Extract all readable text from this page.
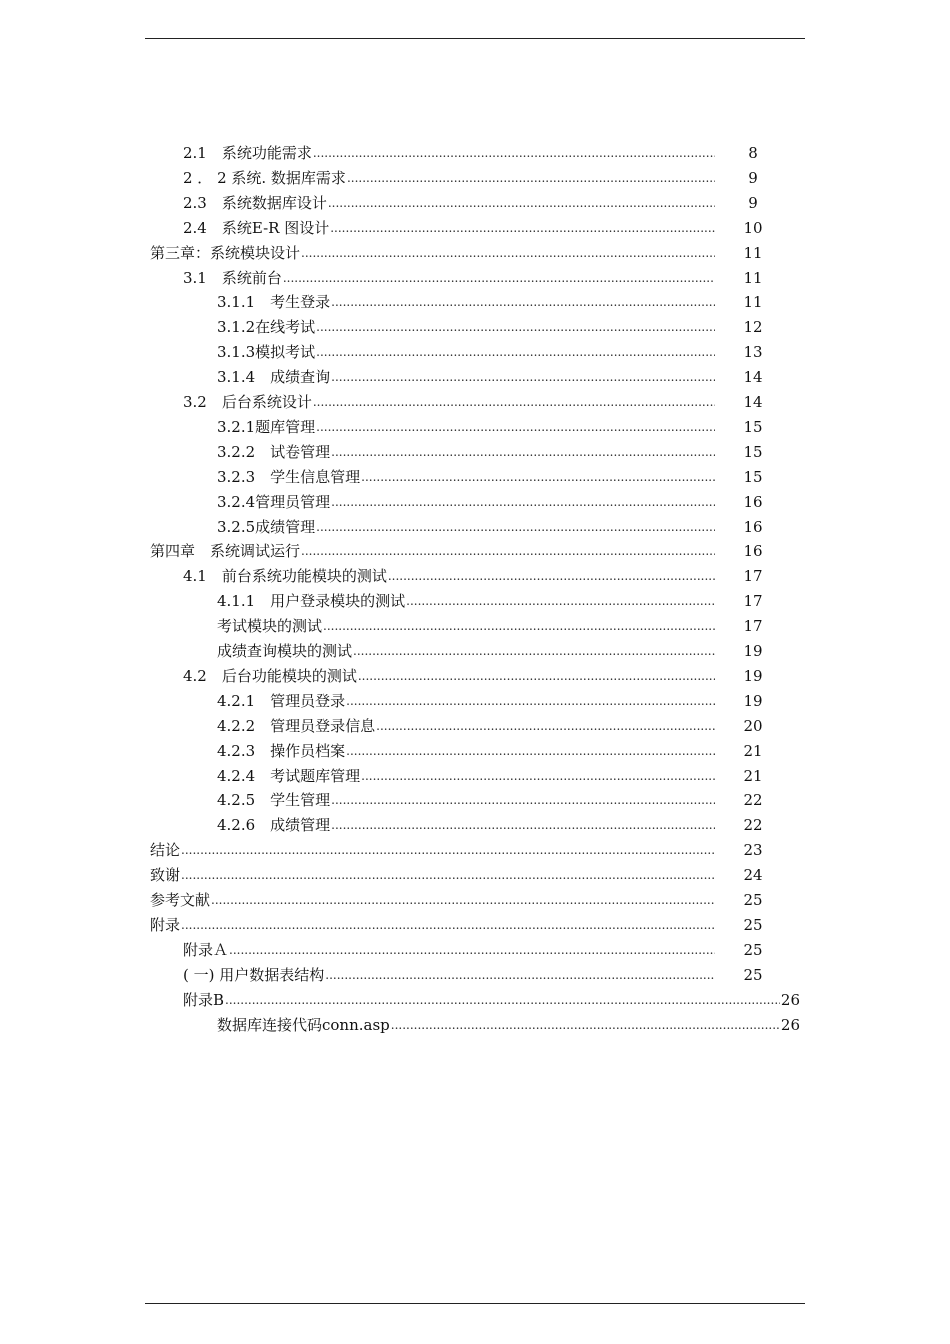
2.1　系统功能需求 .....	8
2 ． 2 系统. 数据库需求 .....	9
2.3　系统数据库设计 .....	9
2.4　系统E-R 图设计 .....	10
第三章：系统模块设计 .....	11
3.1　系统前台 .....	11
3.1.1　考生登录 .....	11
3.1.2在线考试 .....	12
3.1.3模拟考试 .....	13
3.1.4　成绩查询 .....	14
3.2　后台系统设计 .....	14
3.2.1题库管理 .....	15
3.2.2　试卷管理 .....	15
3.2.3　学生信息管理 .....	15
3.2.4管理员管理 .....	16
3.2.5成绩管理 .....	16
第四章　系统调试运行 .....	16
4.1　前台系统功能模块的测试 .....	17
4.1.1　用户登录模块的测试 .....	17
考试模块的测试 .....	17
成绩查询模块的测试 .....	19
4.2　后台功能模块的测试 .....	19
4.2.1　管理员登录 .....	19
4.2.2　管理员登录信息 .....	20
4.2.3　操作员档案 .....	21
4.2.4　考试题库管理 .....	21
4.2.5　学生管理 .....	22
4.2.6　成绩管理 .....	22
结论 .....	23
致谢 .....	24
参考文献 .....	25
附录 .....	25
附录Ａ .....	25
( 一) 用户数据表结构 .....	25
附录B .....	26
数据库连接代码conn.asp .....	26
